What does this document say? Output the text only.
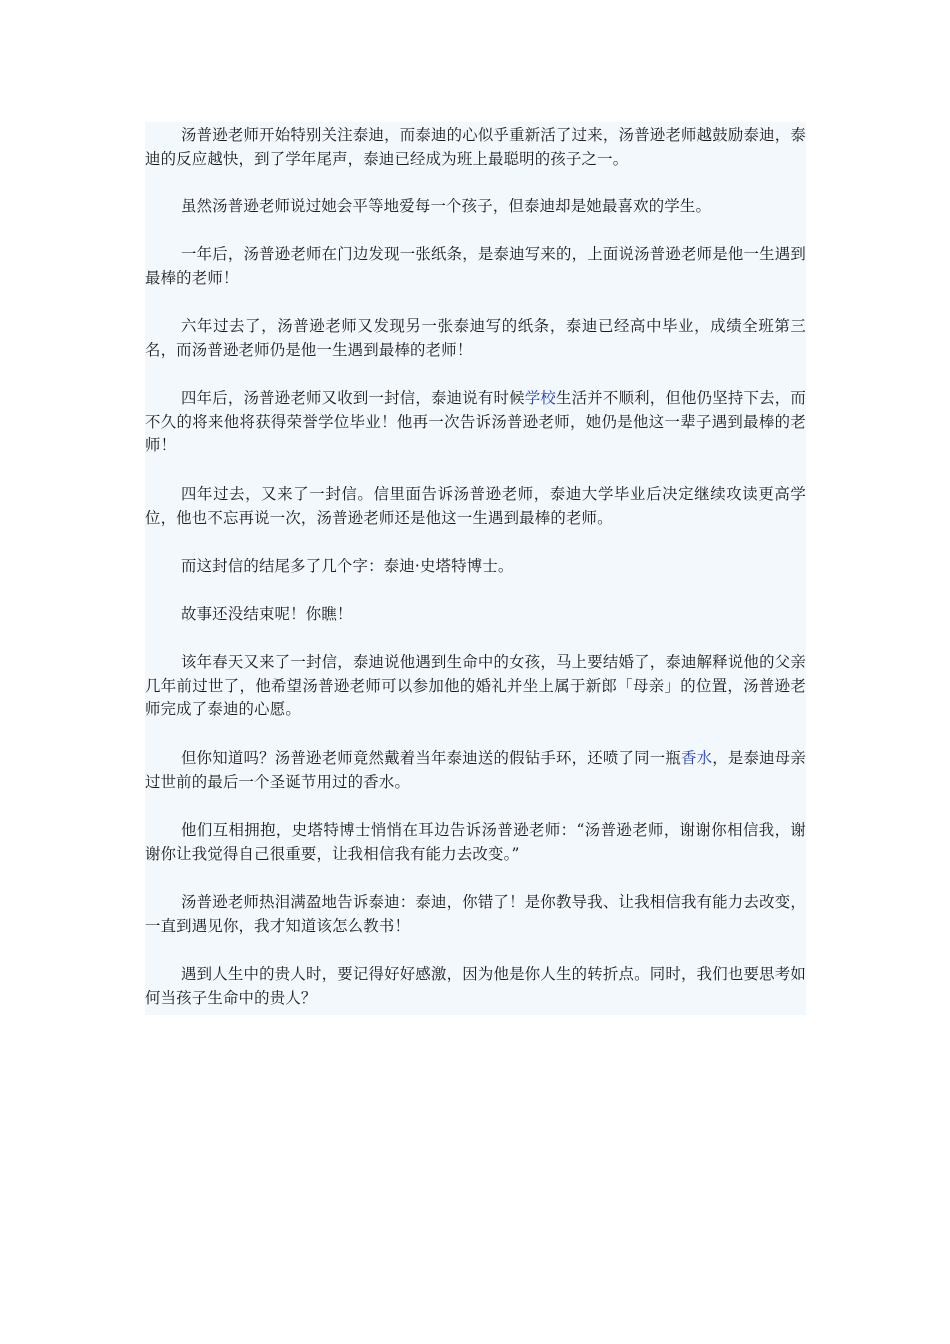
汤普逊老师开始特别关注泰迪，而泰迪的心似乎重新活了过来，汤普逊老师越鼓励泰迪，泰迪的反应越快，到了学年尾声，泰迪已经成为班上最聪明的孩子之一。

虽然汤普逊老师说过她会平等地爱每一个孩子，但泰迪却是她最喜欢的学生。

一年后，汤普逊老师在门边发现一张纸条，是泰迪写来的，上面说汤普逊老师是他一生遇到最棒的老师！

六年过去了，汤普逊老师又发现另一张泰迪写的纸条，泰迪已经高中毕业，成绩全班第三名，而汤普逊老师仍是他一生遇到最棒的老师！

四年后，汤普逊老师又收到一封信，泰迪说有时候学校生活并不顺利，但他仍坚持下去，而不久的将来他将获得荣誉学位毕业！他再一次告诉汤普逊老师，她仍是他这一辈子遇到最棒的老师！

四年过去，又来了一封信。信里面告诉汤普逊老师，泰迪大学毕业后决定继续攻读更高学位，他也不忘再说一次，汤普逊老师还是他这一生遇到最棒的老师。

而这封信的结尾多了几个字：泰迪·史塔特博士。

故事还没结束呢！你瞧！

该年春天又来了一封信，泰迪说他遇到生命中的女孩，马上要结婚了，泰迪解释说他的父亲几年前过世了，他希望汤普逊老师可以参加他的婚礼并坐上属于新郎「母亲」的位置，汤普逊老师完成了泰迪的心愿。

但你知道吗？汤普逊老师竟然戴着当年泰迪送的假钻手环，还喷了同一瓶香水，是泰迪母亲过世前的最后一个圣诞节用过的香水。

他们互相拥抱，史塔特博士悄悄在耳边告诉汤普逊老师：“汤普逊老师，谢谢你相信我，谢谢你让我觉得自己很重要，让我相信我有能力去改变。”

汤普逊老师热泪满盈地告诉泰迪：泰迪，你错了！是你教导我、让我相信我有能力去改变，一直到遇见你，我才知道该怎么教书！

遇到人生中的贵人时，要记得好好感激，因为他是你人生的转折点。同时，我们也要思考如何当孩子生命中的贵人？
